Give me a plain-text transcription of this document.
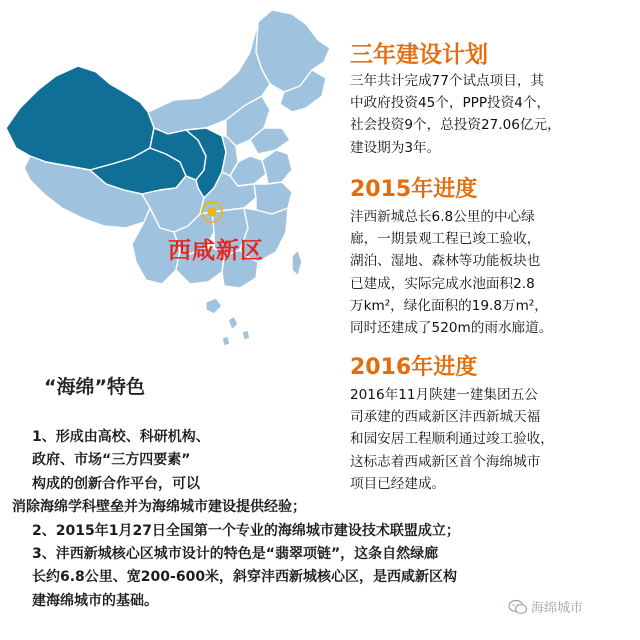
西咸新区
三年建设计划
三年共计完成77个试点项目，其
中政府投资45个，PPP投资4个，
社会投资9个，总投资27.06亿元，
建设期为3年。
2015年进度
沣西新城总长6.8公里的中心绿
廊，一期景观工程已竣工验收，
湖泊、湿地、森林等功能板块也
已建成，实际完成水池面积2.8
万km²，绿化面积的19.8万m²，
同时还建成了520m的雨水廊道。
2016年进度
2016年11月陕建一建集团五公
司承建的西咸新区沣西新城天福
和园安居工程顺利通过竣工验收，
这标志着西咸新区首个海绵城市
项目已经建成。
“海绵”特色
1、形成由高校、科研机构、
政府、市场“三方四要素”
构成的创新合作平台，可以
消除海绵学科壁垒并为海绵城市建设提供经验；
2、2015年1月27日全国第一个专业的海绵城市建设技术联盟成立；
3、沣西新城核心区城市设计的特色是“翡翠项链”，这条自然绿廊
长约6.8公里、宽200-600米，斜穿沣西新城核心区，是西咸新区构
建海绵城市的基础。	海绵城市
